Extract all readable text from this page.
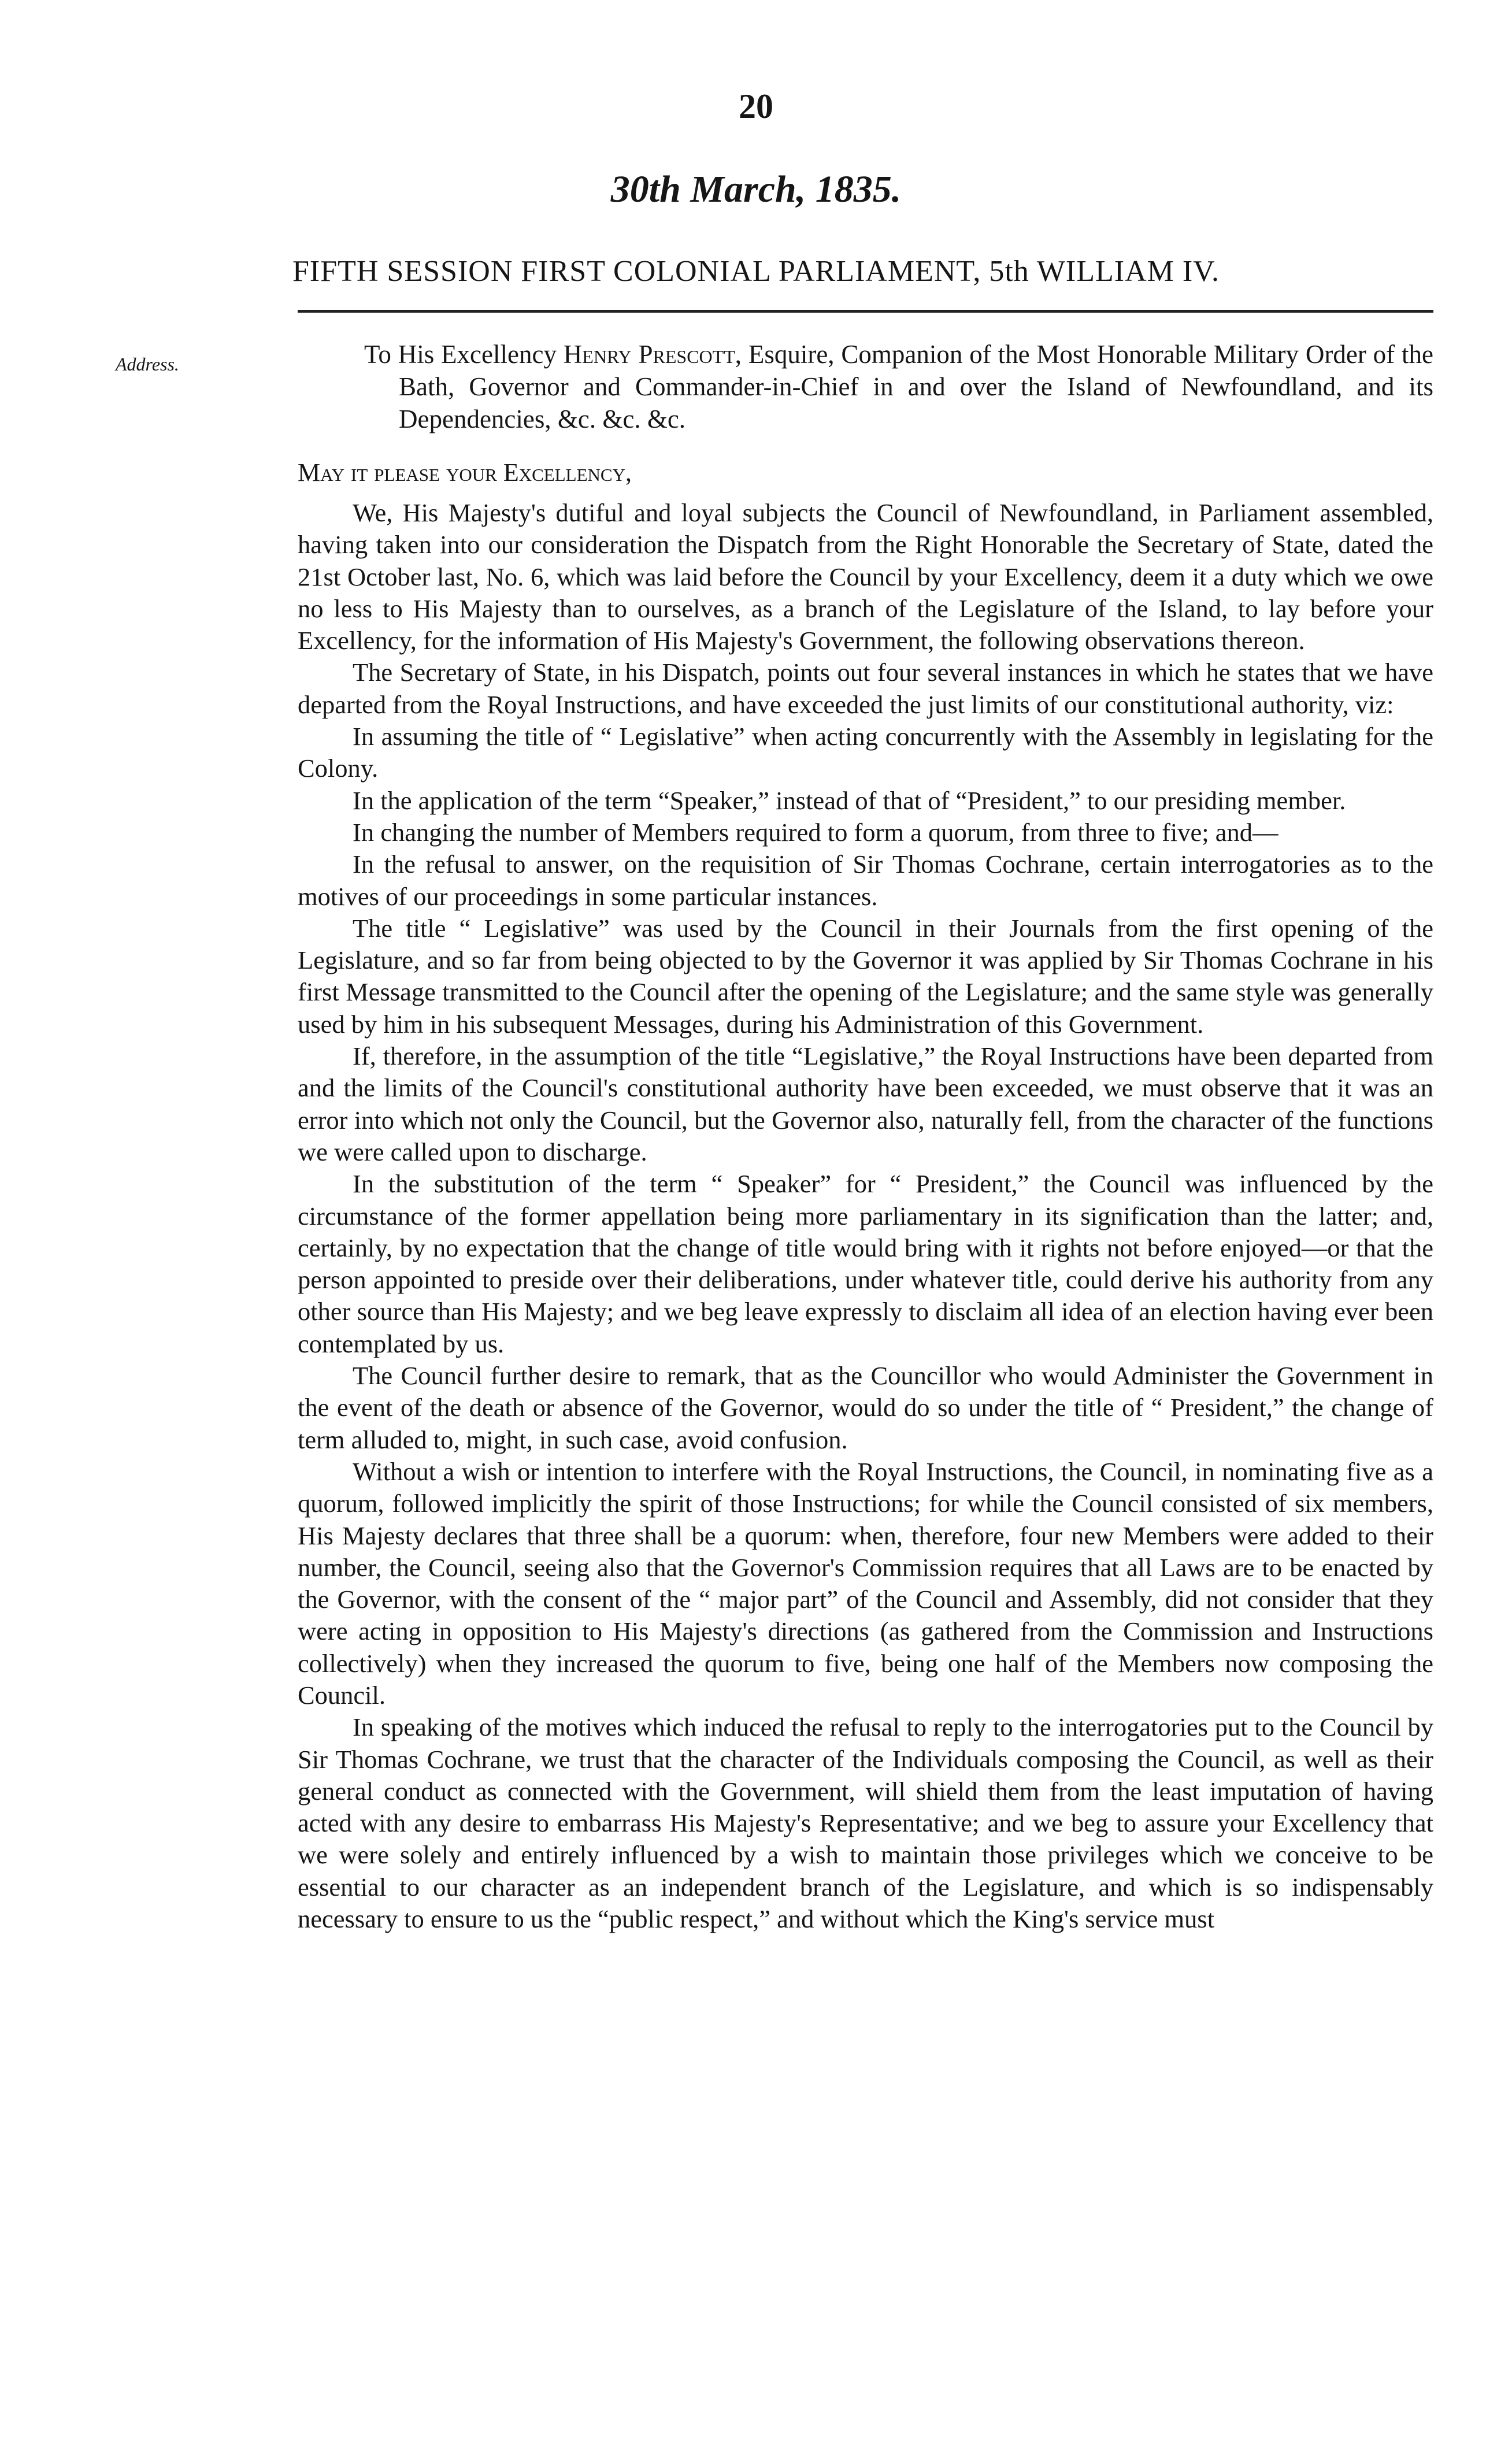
20
30th March, 1835.
FIFTH SESSION FIRST COLONIAL PARLIAMENT, 5th WILLIAM IV.
Address.	To His Excellency Henry Prescott, Esquire, Companion of the Most Honorable Military Order of the Bath, Governor and Commander-in-Chief in and over the Island of Newfoundland, and its Dependencies, &c. &c. &c.
May it please your Excellency,

We, His Majesty's dutiful and loyal subjects the Council of Newfoundland, in Parliament assembled, having taken into our consideration the Dispatch from the Right Honorable the Secretary of State, dated the 21st October last, No. 6, which was laid before the Council by your Excellency, deem it a duty which we owe no less to His Majesty than to ourselves, as a branch of the Legislature of the Island, to lay before your Excellency, for the information of His Majesty's Government, the following observations thereon.

The Secretary of State, in his Dispatch, points out four several instances in which he states that we have departed from the Royal Instructions, and have exceeded the just limits of our constitutional authority, viz:

In assuming the title of “ Legislative” when acting concurrently with the Assembly in legislating for the Colony.

In the application of the term “Speaker,” instead of that of “President,” to our presiding member.

In changing the number of Members required to form a quorum, from three to five; and—

In the refusal to answer, on the requisition of Sir Thomas Cochrane, certain interrogatories as to the motives of our proceedings in some particular instances.

The title “ Legislative” was used by the Council in their Journals from the first opening of the Legislature, and so far from being objected to by the Governor it was applied by Sir Thomas Cochrane in his first Message transmitted to the Council after the opening of the Legislature; and the same style was generally used by him in his subsequent Messages, during his Administration of this Government.

If, therefore, in the assumption of the title “Legislative,” the Royal Instructions have been departed from and the limits of the Council's constitutional authority have been exceeded, we must observe that it was an error into which not only the Council, but the Governor also, naturally fell, from the character of the functions we were called upon to discharge.

In the substitution of the term “ Speaker” for “ President,” the Council was influenced by the circumstance of the former appellation being more parliamentary in its signification than the latter; and, certainly, by no expectation that the change of title would bring with it rights not before enjoyed—or that the person appointed to preside over their deliberations, under whatever title, could derive his authority from any other source than His Majesty; and we beg leave expressly to disclaim all idea of an election having ever been contemplated by us.

The Council further desire to remark, that as the Councillor who would Administer the Government in the event of the death or absence of the Governor, would do so under the title of “ President,” the change of term alluded to, might, in such case, avoid confusion.

Without a wish or intention to interfere with the Royal Instructions, the Council, in nominating five as a quorum, followed implicitly the spirit of those Instructions; for while the Council consisted of six members, His Majesty declares that three shall be a quorum: when, therefore, four new Members were added to their number, the Council, seeing also that the Governor's Commission requires that all Laws are to be enacted by the Governor, with the consent of the “ major part” of the Council and Assembly, did not consider that they were acting in opposition to His Majesty's directions (as gathered from the Commission and Instructions collectively) when they increased the quorum to five, being one half of the Members now composing the Council.

In speaking of the motives which induced the refusal to reply to the interrogatories put to the Council by Sir Thomas Cochrane, we trust that the character of the Individuals composing the Council, as well as their general conduct as connected with the Government, will shield them from the least imputation of having acted with any desire to embarrass His Majesty's Representative; and we beg to assure your Excellency that we were solely and entirely influenced by a wish to maintain those privileges which we conceive to be essential to our character as an independent branch of the Legislature, and which is so indispensably necessary to ensure to us the “public respect,” and without which the King's service must
